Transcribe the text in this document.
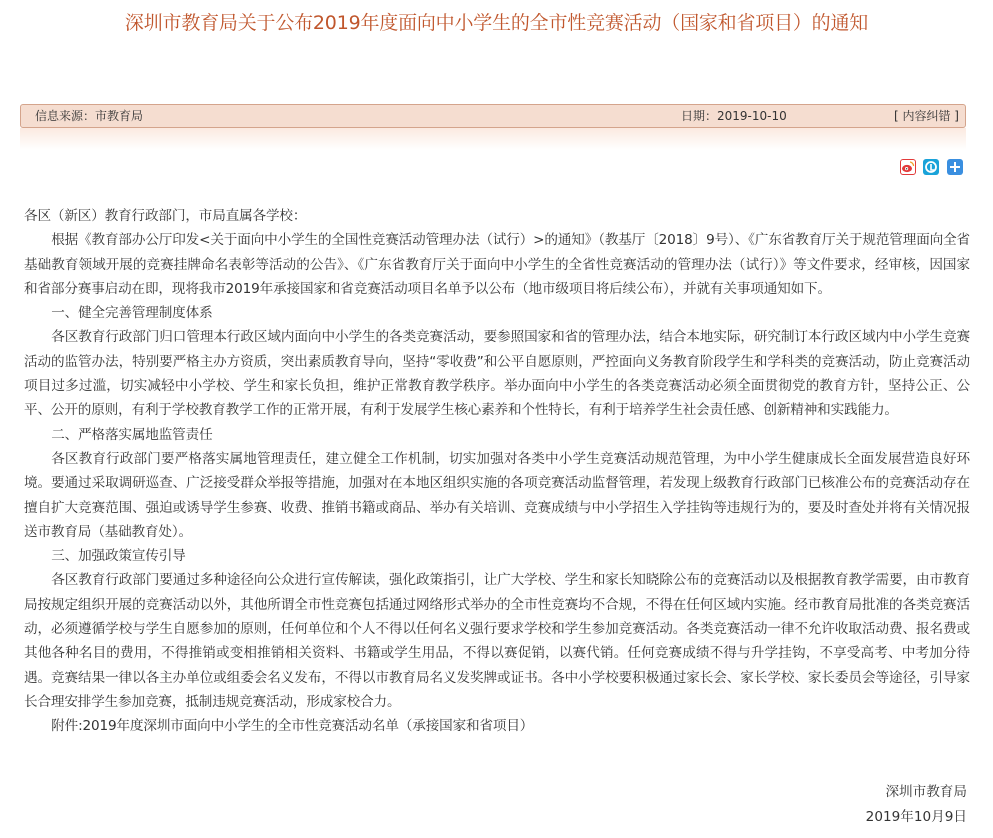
深圳市教育局关于公布2019年度面向中小学生的全市性竞赛活动（国家和省项目）的通知
信息来源：市教育局	日期：2019-10-10	[ 内容纠错 ]

各区（新区）教育行政部门，市局直属各学校：

根据《教育部办公厅印发<关于面向中小学生的全国性竞赛活动管理办法（试行）>的通知》（教基厅〔2018〕9号）、《广东省教育厅关于规范管理面向全省基础教育领域开展的竞赛挂牌命名表彰等活动的公告》、《广东省教育厅关于面向中小学生的全省性竞赛活动的管理办法（试行）》等文件要求，经审核，因国家和省部分赛事启动在即，现将我市2019年承接国家和省竞赛活动项目名单予以公布（地市级项目将后续公布），并就有关事项通知如下。

一、健全完善管理制度体系

各区教育行政部门归口管理本行政区域内面向中小学生的各类竞赛活动，要参照国家和省的管理办法，结合本地实际，研究制订本行政区域内中小学生竞赛活动的监管办法，特别要严格主办方资质，突出素质教育导向，坚持“零收费”和公平自愿原则，严控面向义务教育阶段学生和学科类的竞赛活动，防止竞赛活动项目过多过滥，切实减轻中小学校、学生和家长负担，维护正常教育教学秩序。举办面向中小学生的各类竞赛活动必须全面贯彻党的教育方针，坚持公正、公平、公开的原则，有利于学校教育教学工作的正常开展，有利于发展学生核心素养和个性特长，有利于培养学生社会责任感、创新精神和实践能力。

二、严格落实属地监管责任

各区教育行政部门要严格落实属地管理责任，建立健全工作机制，切实加强对各类中小学生竞赛活动规范管理，为中小学生健康成长全面发展营造良好环境。要通过采取调研巡查、广泛接受群众举报等措施，加强对在本地区组织实施的各项竞赛活动监督管理，若发现上级教育行政部门已核准公布的竞赛活动存在擅自扩大竞赛范围、强迫或诱导学生参赛、收费、推销书籍或商品、举办有关培训、竞赛成绩与中小学招生入学挂钩等违规行为的，要及时查处并将有关情况报送市教育局（基础教育处）。

三、加强政策宣传引导

各区教育行政部门要通过多种途径向公众进行宣传解读，强化政策指引，让广大学校、学生和家长知晓除公布的竞赛活动以及根据教育教学需要，由市教育局按规定组织开展的竞赛活动以外，其他所谓全市性竞赛包括通过网络形式举办的全市性竞赛均不合规，不得在任何区域内实施。经市教育局批准的各类竞赛活动，必须遵循学校与学生自愿参加的原则，任何单位和个人不得以任何名义强行要求学校和学生参加竞赛活动。各类竞赛活动一律不允许收取活动费、报名费或其他各种名目的费用，不得推销或变相推销相关资料、书籍或学生用品，不得以赛促销，以赛代销。任何竞赛成绩不得与升学挂钩，不享受高考、中考加分待遇。竞赛结果一律以各主办单位或组委会名义发布，不得以市教育局名义发奖牌或证书。各中小学校要积极通过家长会、家长学校、家长委员会等途径，引导家长合理安排学生参加竞赛，抵制违规竞赛活动，形成家校合力。

附件:2019年度深圳市面向中小学生的全市性竞赛活动名单（承接国家和省项目）

深圳市教育局
2019年10月9日
